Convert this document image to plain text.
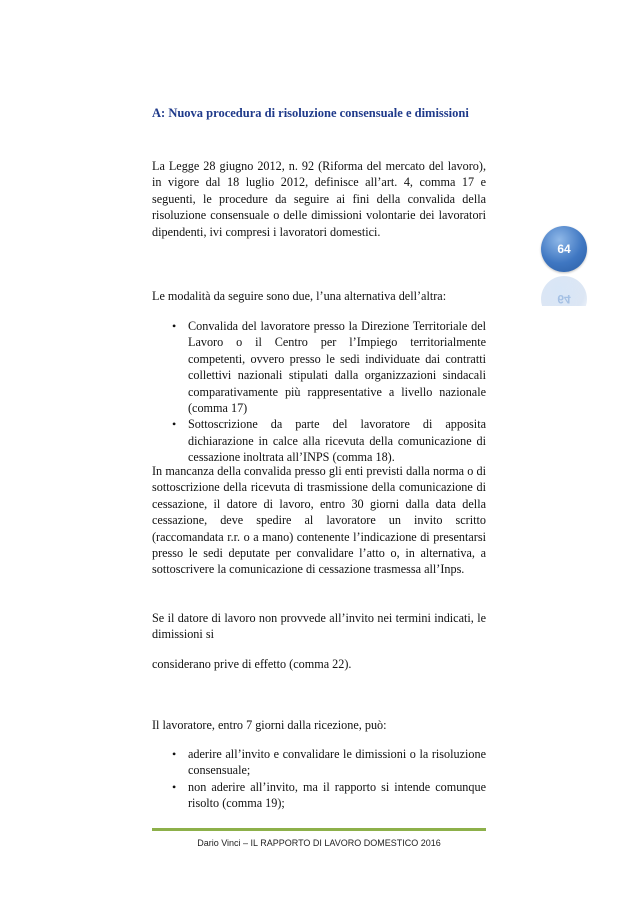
A: Nuova procedura di risoluzione consensuale e dimissioni

La Legge 28 giugno 2012, n. 92 (Riforma del mercato del lavoro), in vigore dal 18 luglio 2012, definisce all’art. 4, comma 17 e seguenti, le procedure da seguire ai fini della convalida della risoluzione consensuale o delle dimissioni volontarie dei lavoratori dipendenti, ivi compresi i lavoratori domestici.

Le modalità da seguire sono due, l’una alternativa dell’altra:

• Convalida del lavoratore presso la Direzione Territoriale del Lavoro o il Centro per l’Impiego territorialmente competenti, ovvero presso le sedi individuate dai contratti collettivi nazionali stipulati dalla organizzazioni sindacali comparativamente più rappresentative a livello nazionale (comma 17)
• Sottoscrizione da parte del lavoratore di apposita dichiarazione in calce alla ricevuta della comunicazione di cessazione inoltrata all’INPS (comma 18).

In mancanza della convalida presso gli enti previsti dalla norma o di sottoscrizione della ricevuta di trasmissione della comunicazione di cessazione, il datore di lavoro, entro 30 giorni dalla data della cessazione, deve spedire al lavoratore un invito scritto (raccomandata r.r. o a mano) contenente l’indicazione di presentarsi presso le sedi deputate per convalidare l’atto o, in alternativa, a sottoscrivere la comunicazione di cessazione trasmessa all’Inps.

Se il datore di lavoro non provvede all’invito nei termini indicati, le dimissioni si

considerano prive di effetto (comma 22).

Il lavoratore, entro 7 giorni dalla ricezione, può:

• aderire all’invito e convalidare le dimissioni o la risoluzione consensuale;
• non aderire all’invito, ma il rapporto si intende comunque risolto (comma 19);
64
64
Dario Vinci – IL RAPPORTO DI LAVORO DOMESTICO 2016
